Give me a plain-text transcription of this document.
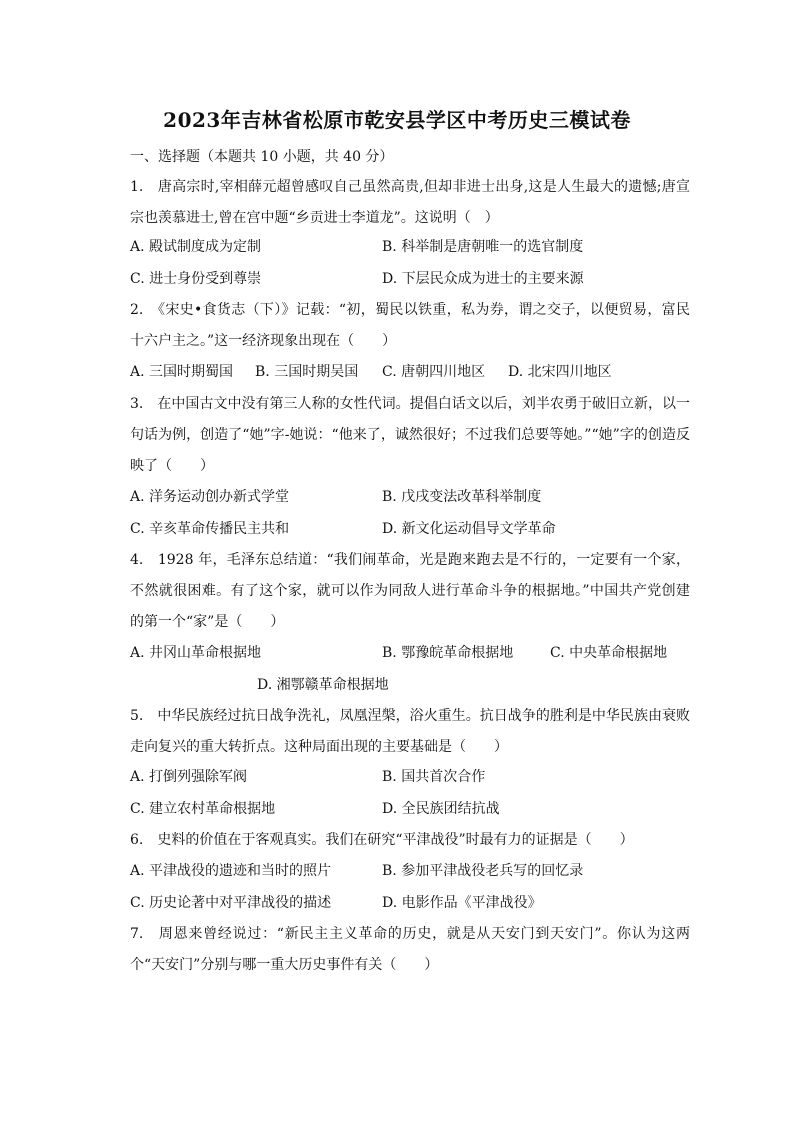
2023年吉林省松原市乾安县学区中考历史三模试卷
一、选择题（本题共 10 小题，共 40 分）
1.　唐高宗时,宰相薛元超曾感叹自己虽然高贵,但却非进士出身,这是人生最大的遗憾;唐宣宗也羡慕进士,曾在宫中题“乡贡进士李道龙”。这说明（　）
A. 殿试制度成为定制	B. 科举制是唐朝唯一的选官制度
C. 进士身份受到尊崇	D. 下层民众成为进士的主要来源
2.　《宋史•食货志（下）》记载：“初，蜀民以铁重，私为券，谓之交子，以便贸易，富民十六户主之。”这一经济现象出现在（　　）
A. 三国时期蜀国 B. 三国时期吴国 C. 唐朝四川地区 D. 北宋四川地区
3.　在中国古文中没有第三人称的女性代词。提倡白话文以后，刘半农勇于破旧立新，以一句话为例，创造了“她”字-她说：“他来了，诚然很好；不过我们总要等她。”“她”字的创造反映了（　　）
A. 洋务运动创办新式学堂	B. 戊戌变法改革科举制度
C. 辛亥革命传播民主共和	D. 新文化运动倡导文学革命
4.　1928 年，毛泽东总结道：“我们闹革命，光是跑来跑去是不行的，一定要有一个家，不然就很困难。有了这个家，就可以作为同敌人进行革命斗争的根据地。”中国共产党创建的第一个“家”是（　　）
A. 井冈山革命根据地	B. 鄂豫皖革命根据地	C. 中央革命根据地
D. 湘鄂赣革命根据地
5.　中华民族经过抗日战争洗礼，凤凰涅槃，浴火重生。抗日战争的胜利是中华民族由衰败走向复兴的重大转折点。这种局面出现的主要基础是（　　）
A. 打倒列强除军阀	B. 国共首次合作
C. 建立农村革命根据地	D. 全民族团结抗战
6.　史料的价值在于客观真实。我们在研究“平津战役”时最有力的证据是（　　）
A. 平津战役的遗迹和当时的照片	B. 参加平津战役老兵写的回忆录
C. 历史论著中对平津战役的描述	D. 电影作品《平津战役》
7.　周恩来曾经说过：“新民主主义革命的历史，就是从天安门到天安门”。你认为这两个“天安门”分别与哪一重大历史事件有关（　　）
